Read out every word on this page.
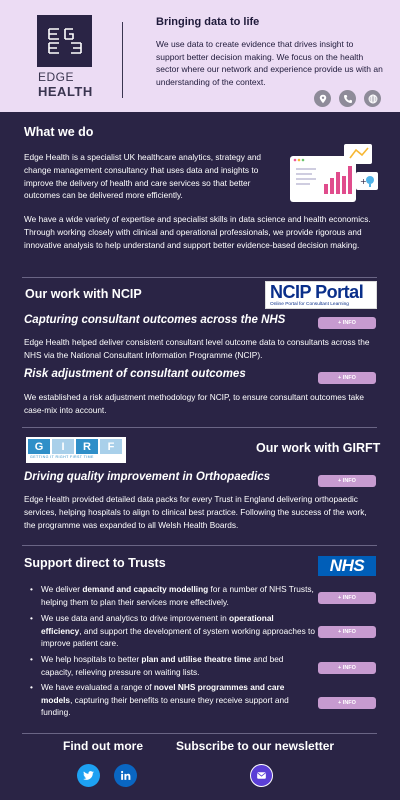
EDGE
HEALTH
Bringing data to life
We use data to create evidence that drives insight to support better decision making. We focus on the health sector where our network and experience provide us with an understanding of the context.
What we do
Edge Health is a specialist UK healthcare analytics, strategy and change management consultancy that uses data and insights to improve the delivery of health and care services so that better outcomes can be delivered more efficiently.
+
We have a wide variety of expertise and specialist skills in data science and health economics. Through working closely with clinical and operational professionals, we provide rigorous and innovative analysis to help understand and support better evidence-based decision making.
Our work with NCIP	NCIP Portal
Online Portal for Consultant Learning
Capturing consultant outcomes across the NHS	+ INFO
Edge Health helped deliver consistent consultant level outcome data to consultants across the NHS via the National Consultant Information Programme (NCIP).
Risk adjustment of consultant outcomes	+ INFO
We established a risk adjustment methodology for NCIP, to ensure consultant outcomes take case-mix into account.
G	I	R	F
GETTING IT RIGHT FIRST TIME
Our work with GIRFT
Driving quality improvement in Orthopaedics	+ INFO
Edge Health provided detailed data packs for every Trust in England delivering orthopaedic services, helping hospitals to align to clinical best practice. Following the success of the work, the programme was expanded to all Welsh Health Boards.
Support direct to Trusts	NHS
• We deliver demand and capacity modelling for a number of NHS Trusts, helping them to plan their services more effectively.
• We use data and analytics to drive improvement in operational efficiency, and support the development of system working approaches to improve patient care.
• We help hospitals to better plan and utilise theatre time and bed capacity, relieving pressure on waiting lists.
• We have evaluated a range of novel NHS programmes and care models, capturing their benefits to ensure they receive support and funding.
+ INFO
+ INFO
+ INFO
+ INFO
Find out more	Subscribe to our newsletter
